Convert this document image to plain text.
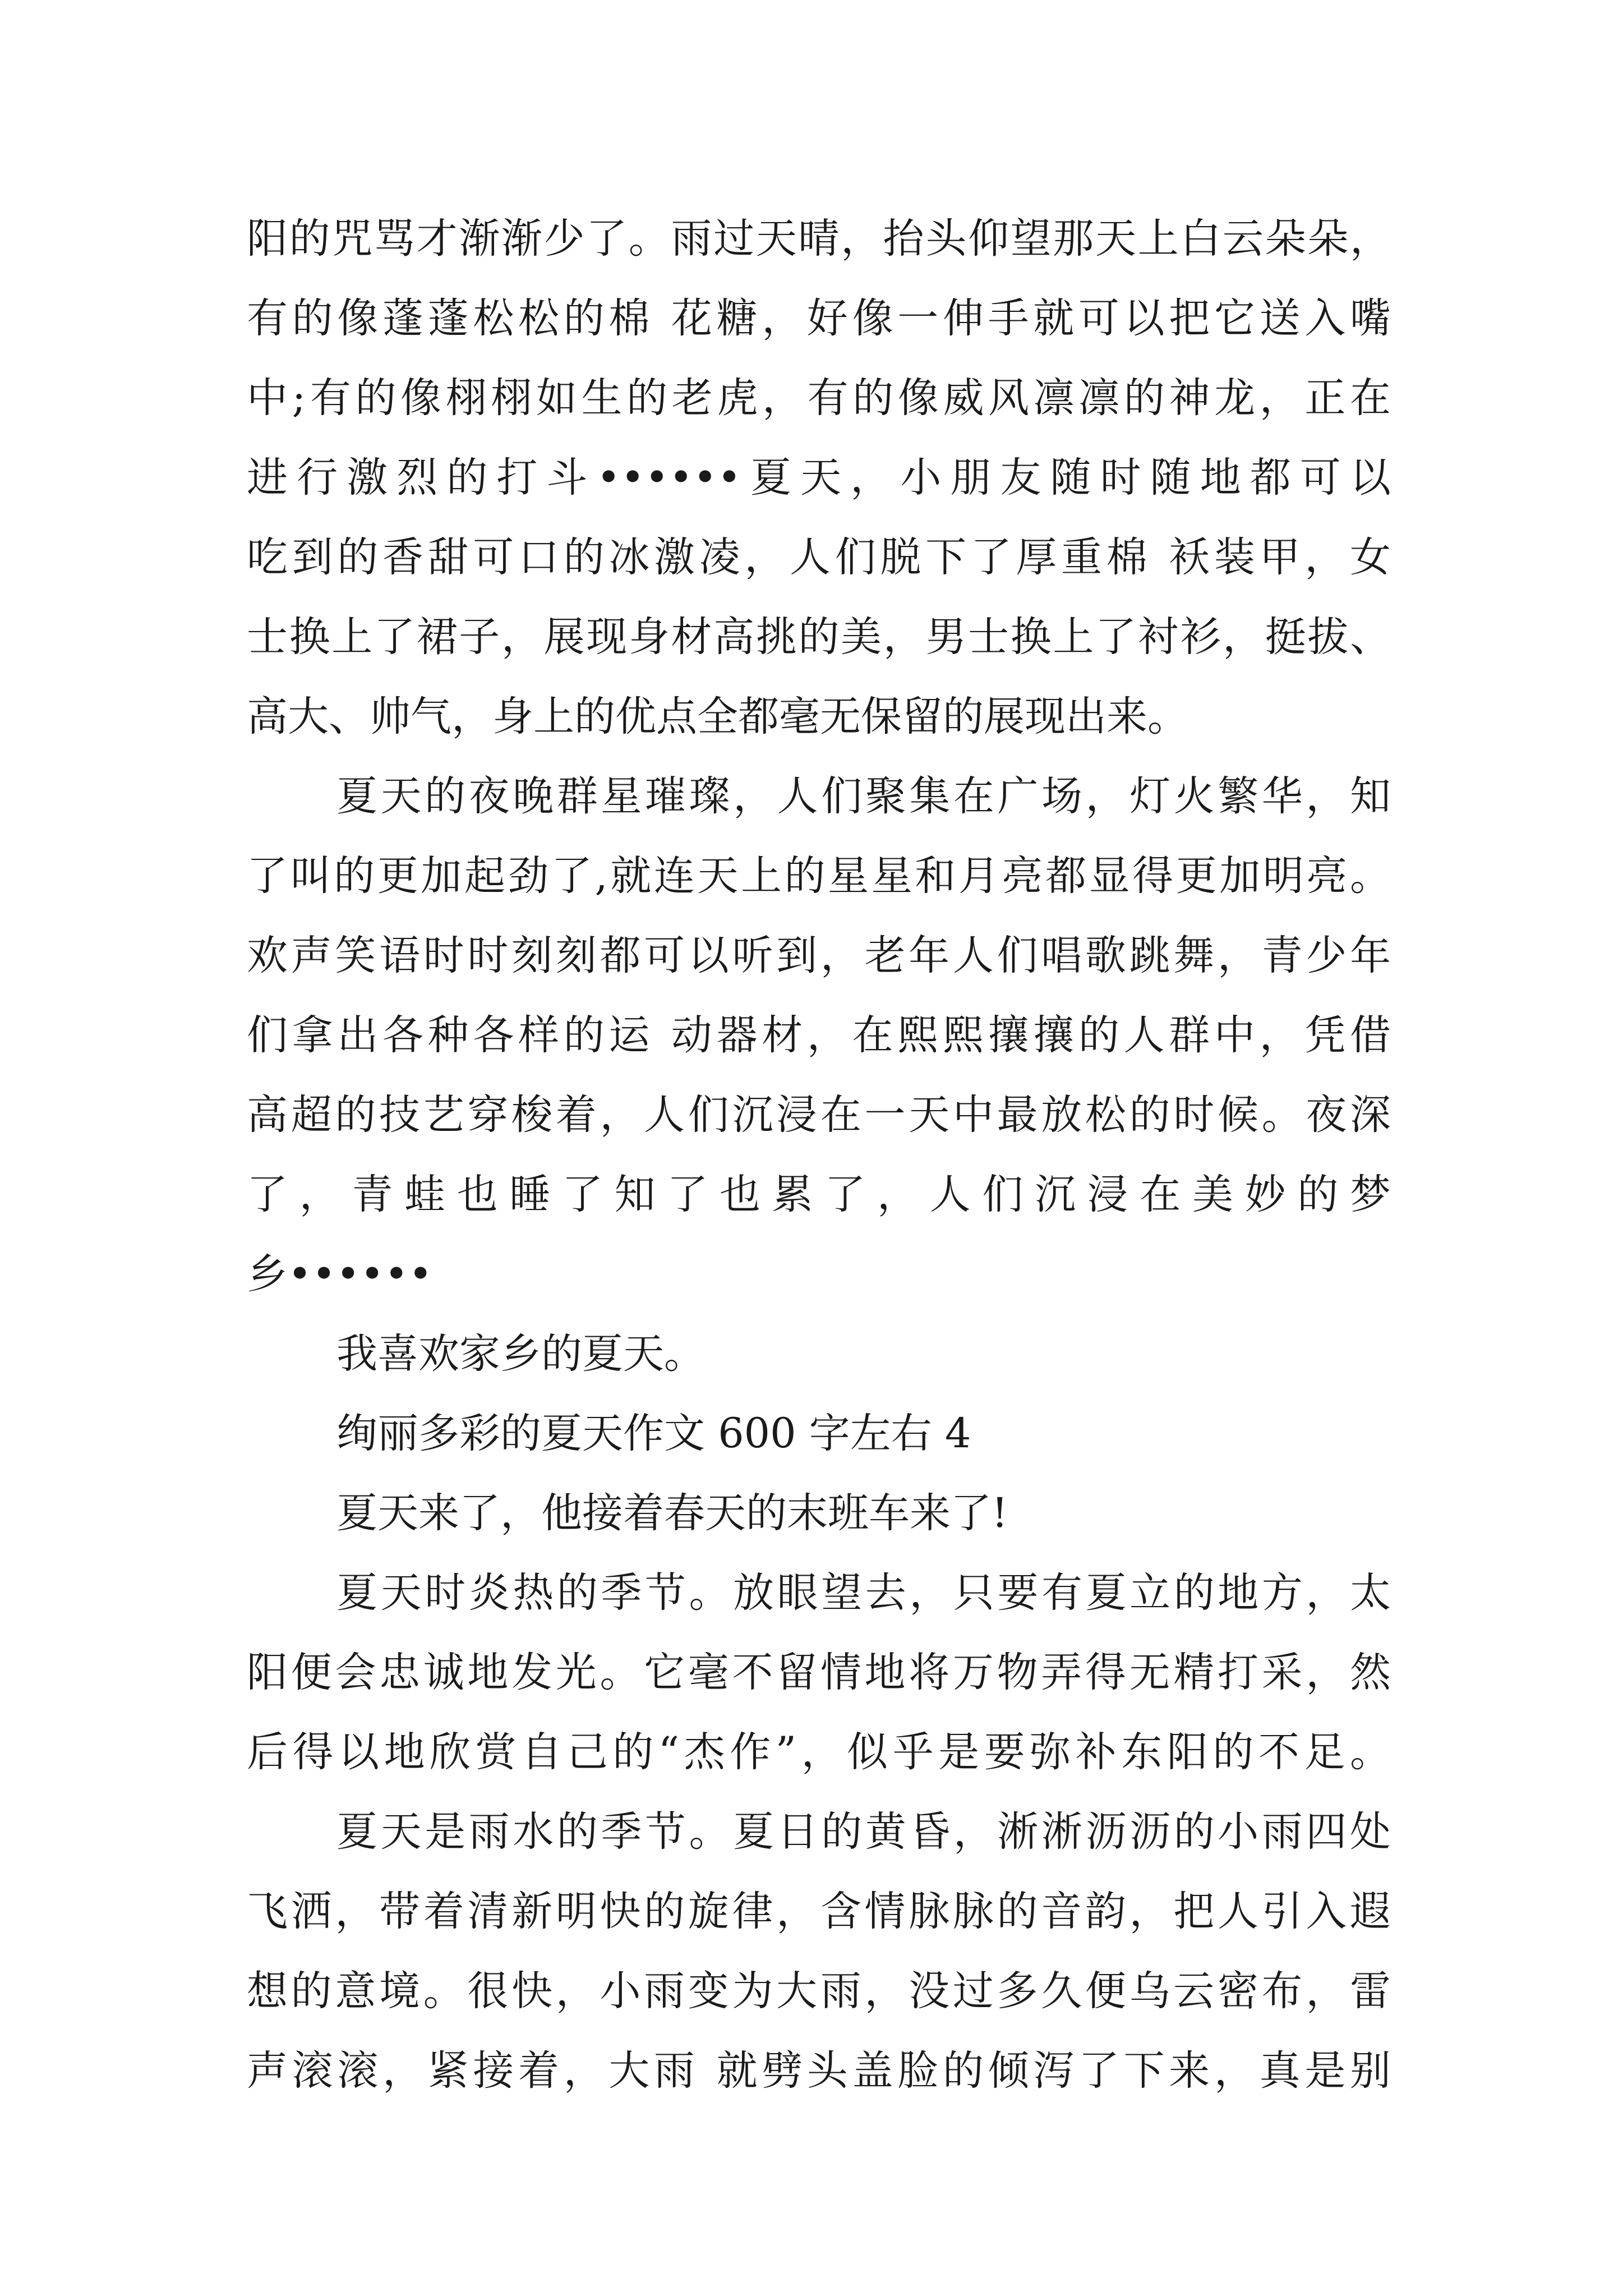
阳的咒骂才渐渐少了。雨过天晴，抬头仰望那天上白云朵朵，
有的像蓬蓬松松的棉 花糖，好像一伸手就可以把它送入嘴
中;有的像栩栩如生的老虎，有的像威风凛凛的神龙，正在
进行激烈的打斗••••••夏天，小朋友随时随地都可以
吃到的香甜可口的冰激凌，人们脱下了厚重棉 袄装甲，女
士换上了裙子，展现身材高挑的美，男士换上了衬衫，挺拔、
高大、帅气，身上的优点全都毫无保留的展现出来。
夏天的夜晚群星璀璨，人们聚集在广场，灯火繁华，知
了叫的更加起劲了,就连天上的星星和月亮都显得更加明亮。
欢声笑语时时刻刻都可以听到，老年人们唱歌跳舞，青少年
们拿出各种各样的运 动器材，在熙熙攘攘的人群中，凭借
高超的技艺穿梭着，人们沉浸在一天中最放松的时候。夜深
了，青蛙也睡了知了也累了，人们沉浸在美妙的梦
乡••••••
我喜欢家乡的夏天。
绚丽多彩的夏天作文 600 字左右 4
夏天来了，他接着春天的末班车来了!
夏天时炎热的季节。放眼望去，只要有夏立的地方，太
阳便会忠诚地发光。它毫不留情地将万物弄得无精打采，然
后得以地欣赏自己的“杰作”，似乎是要弥补东阳的不足。
夏天是雨水的季节。夏日的黄昏，淅淅沥沥的小雨四处
飞洒，带着清新明快的旋律，含情脉脉的音韵，把人引入遐
想的意境。很快，小雨变为大雨，没过多久便乌云密布，雷
声滚滚，紧接着，大雨 就劈头盖脸的倾泻了下来，真是别
